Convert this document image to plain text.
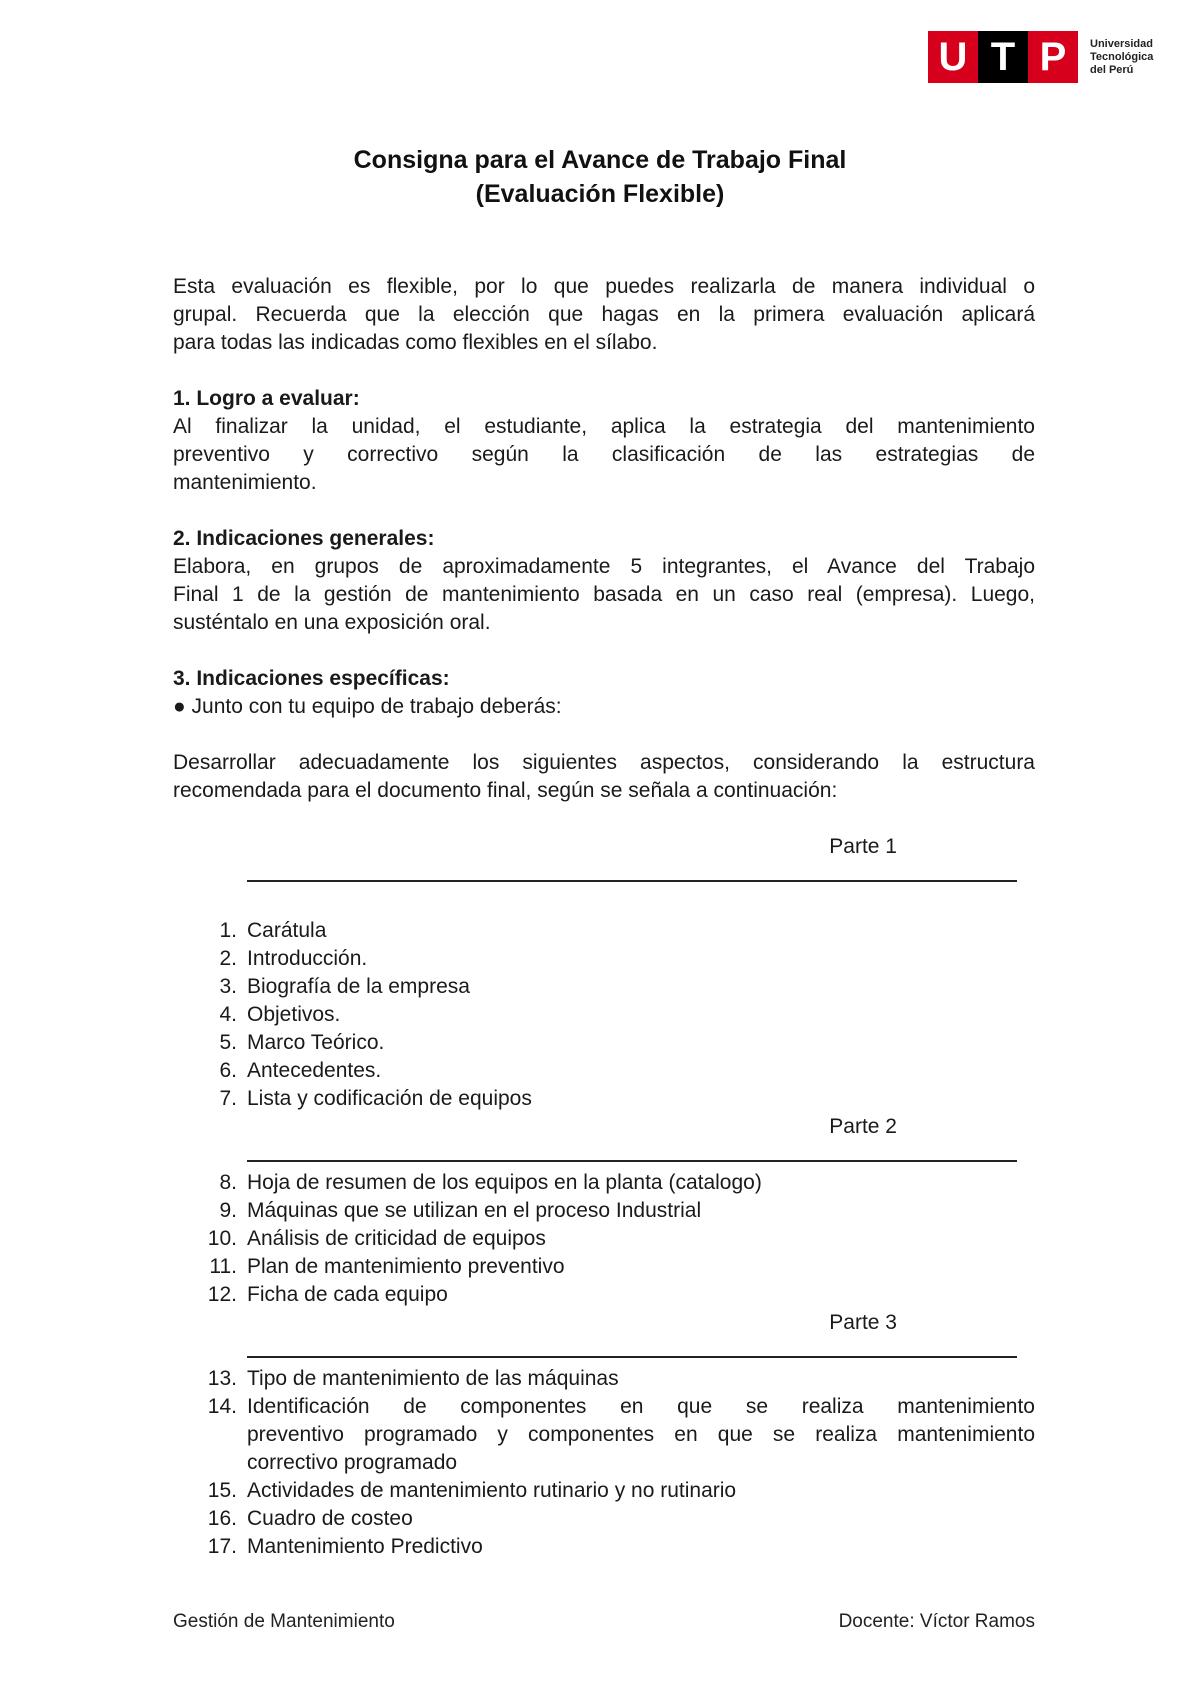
U T P	Universidad
Tecnológica
del Perú
Consigna para el Avance de Trabajo Final
(Evaluación Flexible)

Esta evaluación es flexible, por lo que puedes realizarla de manera individual o

grupal. Recuerda que la elección que hagas en la primera evaluación aplicará

para todas las indicadas como flexibles en el sílabo.

1. Logro a evaluar:

Al finalizar la unidad, el estudiante, aplica la estrategia del mantenimiento

preventivo y correctivo según la clasificación de las estrategias de

mantenimiento.

2. Indicaciones generales:

Elabora, en grupos de aproximadamente 5 integrantes, el Avance del Trabajo

Final 1 de la gestión de mantenimiento basada en un caso real (empresa). Luego,

susténtalo en una exposición oral.

3. Indicaciones específicas:

● Junto con tu equipo de trabajo deberás:

Desarrollar adecuadamente los siguientes aspectos, considerando la estructura

recomendada para el documento final, según se señala a continuación:

Parte 1

1. Carátula
2. Introducción.
3. Biografía de la empresa
4. Objetivos.
5. Marco Teórico.
6. Antecedentes.
7. Lista y codificación de equipos

Parte 2

8. Hoja de resumen de los equipos en la planta (catalogo)
9. Máquinas que se utilizan en el proceso Industrial
10. Análisis de criticidad de equipos
11. Plan de mantenimiento preventivo
12. Ficha de cada equipo

Parte 3

13. Tipo de mantenimiento de las máquinas
14. Identificación de componentes en que se realiza mantenimiento
preventivo programado y componentes en que se realiza mantenimiento
correctivo programado
15. Actividades de mantenimiento rutinario y no rutinario
16. Cuadro de costeo
17. Mantenimiento Predictivo
Gestión de Mantenimiento	Docente: Víctor Ramos
